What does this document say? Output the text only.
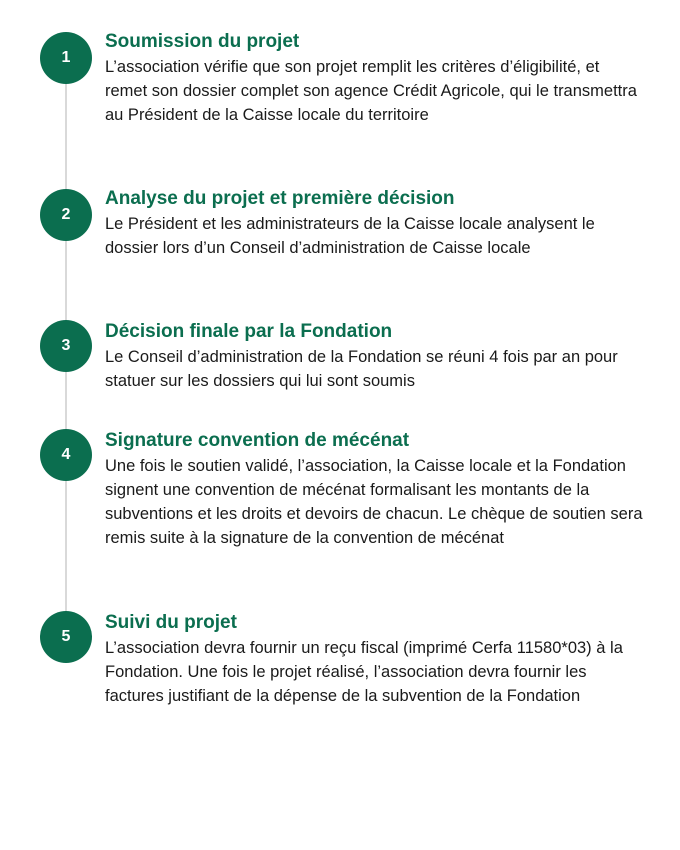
1
Soumission du projet

L’association vérifie que son projet remplit les critères d’éligibilité, et remet son dossier complet son agence Crédit Agricole, qui le transmettra au Président de la Caisse locale du territoire

2
Analyse du projet et première décision

Le Président et les administrateurs de la Caisse locale analysent le dossier lors d’un Conseil d’administration de Caisse locale

3
Décision finale par la Fondation

Le Conseil d’administration de la Fondation se réuni 4 fois par an pour statuer sur les dossiers qui lui sont soumis

4
Signature convention de mécénat

Une fois le soutien validé, l’association, la Caisse locale et la Fondation signent une convention de mécénat formalisant les montants de la subventions et les droits et devoirs de chacun. Le chèque de soutien sera remis suite à la signature de la convention de mécénat

5
Suivi du projet

L’association devra fournir un reçu fiscal (imprimé Cerfa 11580*03) à la Fondation. Une fois le projet réalisé, l’association devra fournir les factures justifiant de la dépense de la subvention de la Fondation
